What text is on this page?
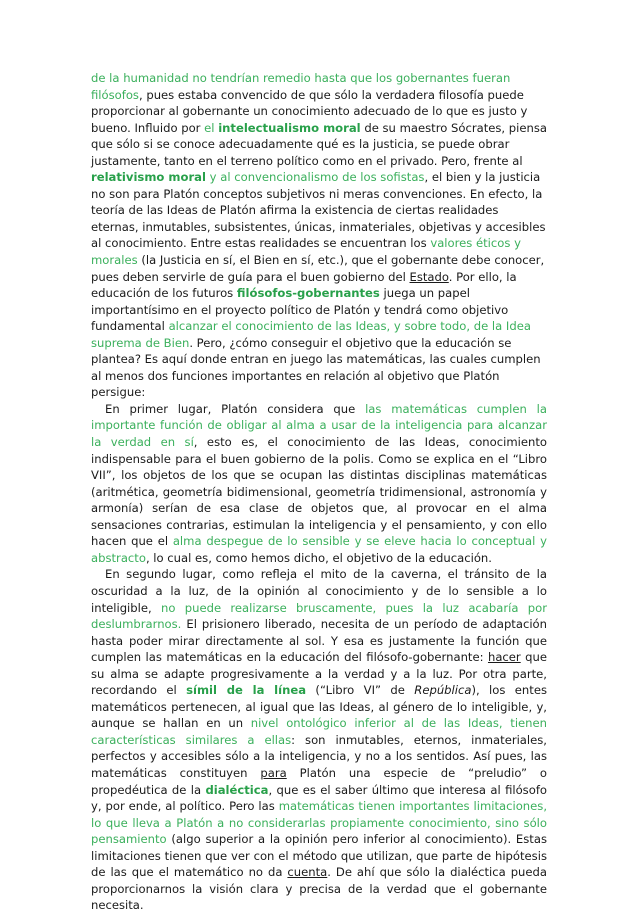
de la humanidad no tendrían remedio hasta que los gobernantes fueran filósofos, pues estaba convencido de que sólo la verdadera filosofía puede proporcionar al gobernante un conocimiento adecuado de lo que es justo y bueno. Influido por el intelectualismo moral de su maestro Sócrates, piensa que sólo si se conoce adecuadamente qué es la justicia, se puede obrar justamente, tanto en el terreno político como en el privado. Pero, frente al relativismo moral y al convencionalismo de los sofistas, el bien y la justicia no son para Platón conceptos subjetivos ni meras convenciones. En efecto, la teoría de las Ideas de Platón afirma la existencia de ciertas realidades eternas, inmutables, subsistentes, únicas, inmateriales, objetivas y accesibles al conocimiento. Entre estas realidades se encuentran los valores éticos y morales (la Justicia en sí, el Bien en sí, etc.), que el gobernante debe conocer, pues deben servirle de guía para el buen gobierno del Estado. Por ello, la educación de los futuros filósofos-gobernantes juega un papel importantísimo en el proyecto político de Platón y tendrá como objetivo fundamental alcanzar el conocimiento de las Ideas, y sobre todo, de la Idea suprema de Bien. Pero, ¿cómo conseguir el objetivo que la educación se plantea? Es aquí donde entran en juego las matemáticas, las cuales cumplen al menos dos funciones importantes en relación al objetivo que Platón persigue:

En primer lugar, Platón considera que las matemáticas cumplen la importante función de obligar al alma a usar de la inteligencia para alcanzar la verdad en sí, esto es, el conocimiento de las Ideas, conocimiento indispensable para el buen gobierno de la polis. Como se explica en el “Libro VII”, los objetos de los que se ocupan las distintas disciplinas matemáticas (aritmética, geometría bidimensional, geometría tridimensional, astronomía y armonía) serían de esa clase de objetos que, al provocar en el alma sensaciones contrarias, estimulan la inteligencia y el pensamiento, y con ello hacen que el alma despegue de lo sensible y se eleve hacia lo conceptual y abstracto, lo cual es, como hemos dicho, el objetivo de la educación.

En segundo lugar, como refleja el mito de la caverna, el tránsito de la oscuridad a la luz, de la opinión al conocimiento y de lo sensible a lo inteligible, no puede realizarse bruscamente, pues la luz acabaría por deslumbrarnos. El prisionero liberado, necesita de un período de adaptación hasta poder mirar directamente al sol. Y esa es justamente la función que cumplen las matemáticas en la educación del filósofo-gobernante: hacer que su alma se adapte progresivamente a la verdad y a la luz. Por otra parte, recordando el símil de la línea (“Libro VI” de República), los entes matemáticos pertenecen, al igual que las Ideas, al género de lo inteligible, y, aunque se hallan en un nivel ontológico inferior al de las Ideas, tienen características similares a ellas: son inmutables, eternos, inmateriales, perfectos y accesibles sólo a la inteligencia, y no a los sentidos. Así pues, las matemáticas constituyen para Platón una especie de “preludio” o propedéutica de la dialéctica, que es el saber último que interesa al filósofo y, por ende, al político. Pero las matemáticas tienen importantes limitaciones, lo que lleva a Platón a no considerarlas propiamente conocimiento, sino sólo pensamiento (algo superior a la opinión pero inferior al conocimiento). Estas limitaciones tienen que ver con el método que utilizan, que parte de hipótesis de las que el matemático no da cuenta. De ahí que sólo la dialéctica pueda proporcionarnos la visión clara y precisa de la verdad que el gobernante necesita.
